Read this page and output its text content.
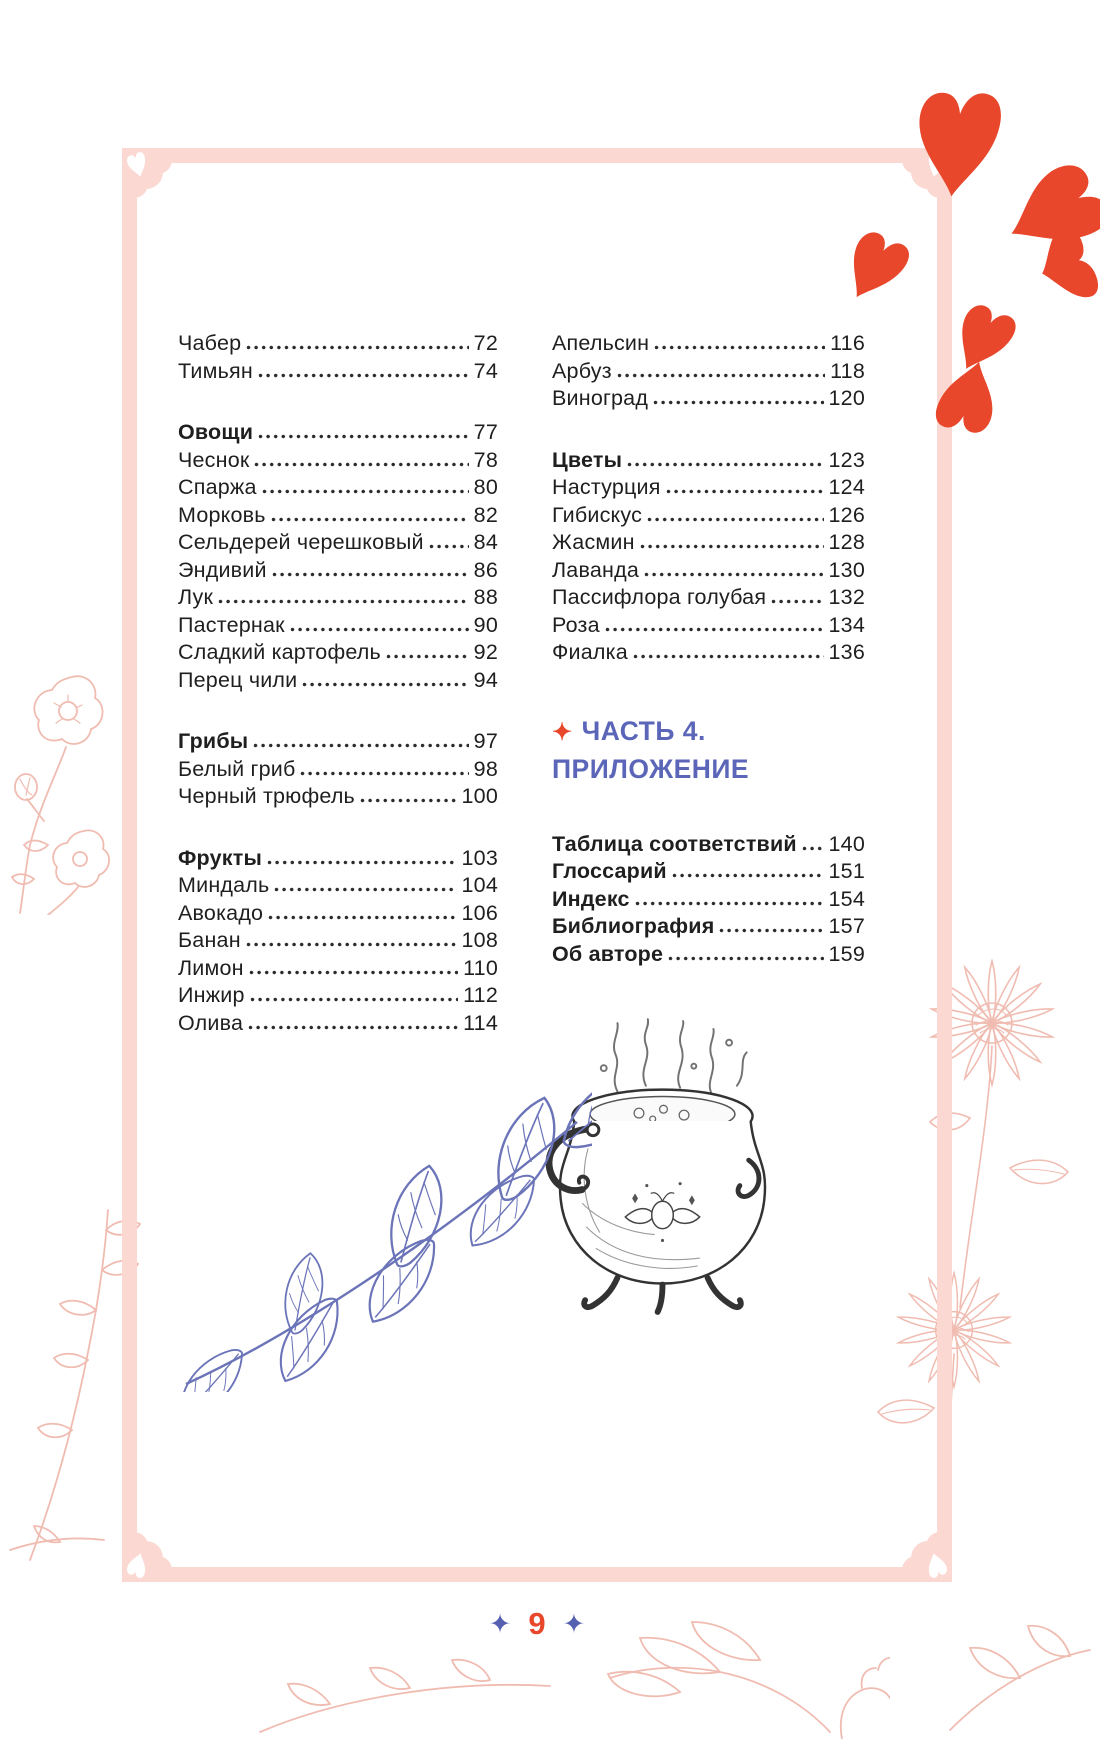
Чабер	72
Тимьян	74
Овощи	77
Чеснок	78
Спаржа	80
Морковь	82
Сельдерей черешковый 84
Эндивий	86
Лук	88
Пастернак	90
Сладкий картофель	92
Перец чили	94
Грибы	97
Белый гриб	98
Черный трюфель	100
Фрукты	103
Миндаль	104
Авокадо	106
Банан	108
Лимон	110
Инжир	112
Олива	114
Апельсин	116
Арбуз	118
Виноград	120
Цветы	123
Настурция	124
Гибискус	126
Жасмин	128
Лаванда	130
Пассифлора голубая	132
Роза	134
Фиалка	136
✦ ЧАСТЬ 4.
ПРИЛОЖЕНИЕ
Таблица соответствий 140
Глоссарий	151
Индекс	154
Библиография	157
Об авторе	159
✦ 9 ✦
